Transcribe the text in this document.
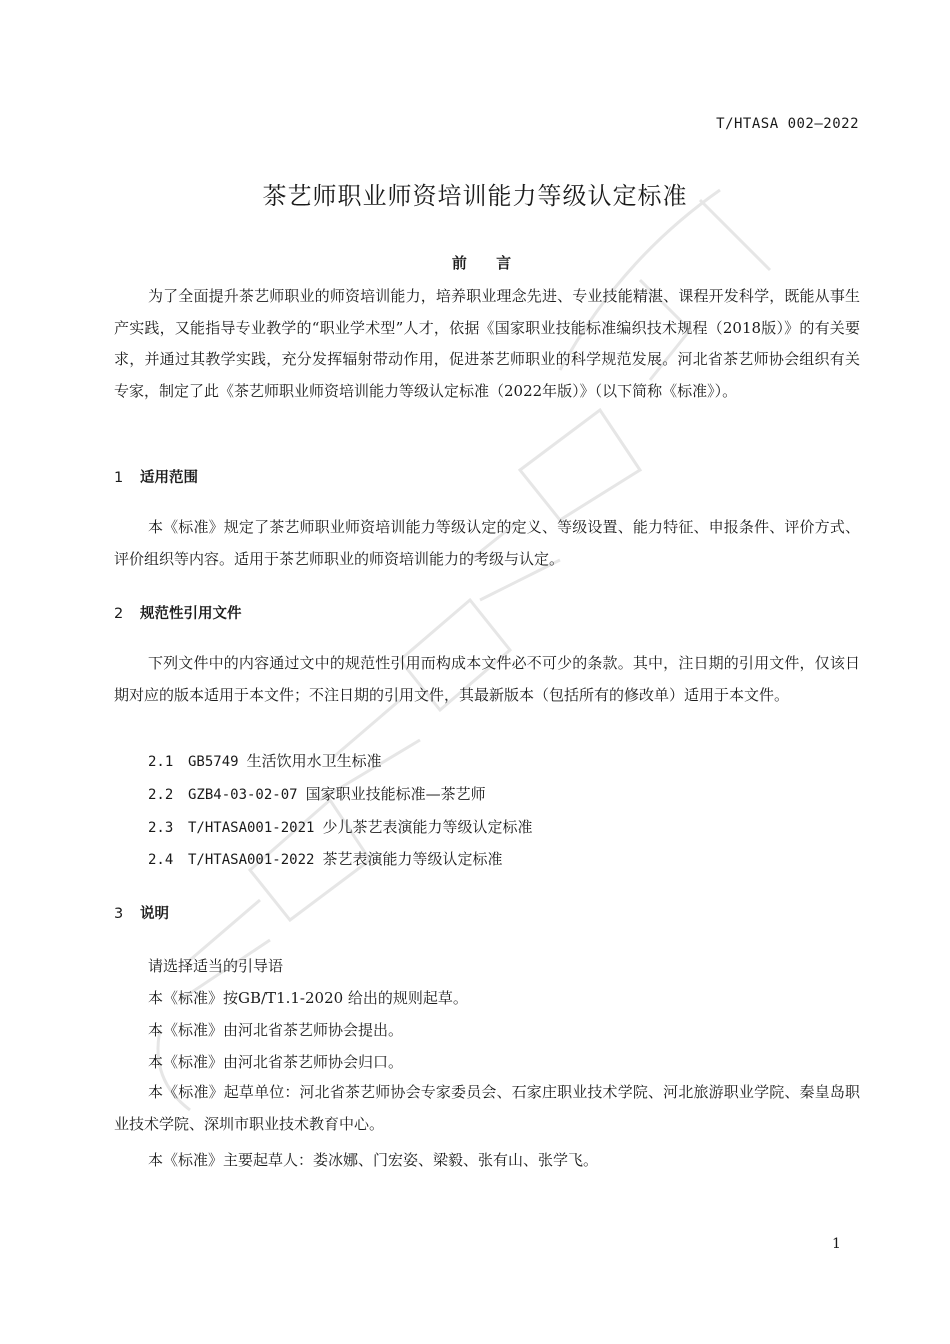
T/HTASA 002—2022
茶艺师职业师资培训能力等级认定标准
前 言
为了全面提升茶艺师职业的师资培训能力，培养职业理念先进、专业技能精湛、课程开发科学，既能从事生产实践，又能指导专业教学的“职业学术型”人才，依据《国家职业技能标准编织技术规程（2018版）》的有关要求，并通过其教学实践，充分发挥辐射带动作用，促进茶艺师职业的科学规范发展。河北省茶艺师协会组织有关专家，制定了此《茶艺师职业师资培训能力等级认定标准（2022年版）》（以下简称《标准》）。
1 适用范围
本《标准》规定了茶艺师职业师资培训能力等级认定的定义、等级设置、能力特征、申报条件、评价方式、评价组织等内容。适用于茶艺师职业的师资培训能力的考级与认定。
2 规范性引用文件
下列文件中的内容通过文中的规范性引用而构成本文件必不可少的条款。其中，注日期的引用文件，仅该日期对应的版本适用于本文件；不注日期的引用文件，其最新版本（包括所有的修改单）适用于本文件。
2.1 GB5749 生活饮用水卫生标准
2.2 GZB4-03-02-07 国家职业技能标准—茶艺师
2.3 T/HTASA001-2021 少儿茶艺表演能力等级认定标准
2.4 T/HTASA001-2022 茶艺表演能力等级认定标准
3 说明
请选择适当的引导语
本《标准》按GB/T1.1-2020 给出的规则起草。
本《标准》由河北省茶艺师协会提出。
本《标准》由河北省茶艺师协会归口。
本《标准》起草单位：河北省茶艺师协会专家委员会、石家庄职业技术学院、河北旅游职业学院、秦皇岛职业技术学院、深圳市职业技术教育中心。
本《标准》主要起草人：娄冰娜、门宏姿、梁毅、张有山、张学飞。
1
